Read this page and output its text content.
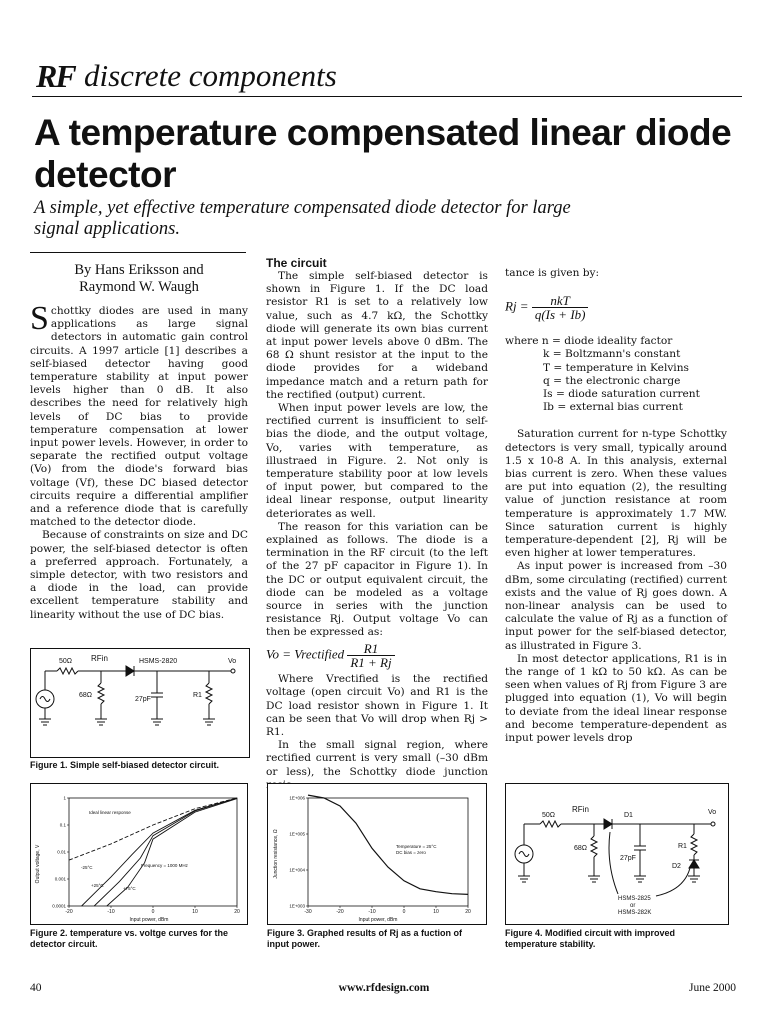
RF discrete components
A temperature compensated linear diode detector
A simple, yet effective temperature compensated diode detector for large signal applications.
By Hans Eriksson and
Raymond W. Waugh

Schottky diodes are used in many applications as large signal detectors in automatic gain control circuits. A 1997 article [1] describes a self-biased detector having good temperature stability at input power levels higher than 0 dB. It also describes the need for relatively high levels of DC bias to provide temperature compensation at lower input power levels. However, in order to separate the rectified output voltage (Vo) from the diode's forward bias voltage (Vf), these DC biased detector circuits require a differential amplifier and a reference diode that is carefully matched to the detector diode.

Because of constraints on size and DC power, the self-biased detector is often a preferred approach. Fortunately, a simple detector, with two resistors and a diode in the load, can provide excellent temperature stability and linearity without the use of DC bias.

The circuit

The simple self-biased detector is shown in Figure 1. If the DC load resistor R1 is set to a relatively low value, such as 4.7 kΩ, the Schottky diode will generate its own bias current at input power levels above 0 dBm. The 68 Ω shunt resistor at the input to the diode provides for a wideband impedance match and a return path for the rectified (output) current.

When input power levels are low, the rectified current is insufficient to self-bias the diode, and the output voltage, Vo, varies with temperature, as illustraed in Figure. 2. Not only is temperature stability poor at low levels of input power, but compared to the ideal linear response, output linearity deteriorates as well.

The reason for this variation can be explained as follows. The diode is a termination in the RF circuit (to the left of the 27 pF capacitor in Figure 1). In the DC or output equivalent circuit, the diode can be modeled as a voltage source in series with the junction resistance Rj. Output voltage Vo can then be expressed as:

Vo = Vrectified $\frac{R1}{R1 + Rj}$

Where Vrectified is the rectified voltage (open circuit Vo) and R1 is the DC load resistor shown in Figure 1. It can be seen that Vo will drop when Rj > R1.

In the small signal region, where rectified current is very small (–30 dBm or less), the Schottky diode junction

tance is given by:

$Rj = \frac{\text{nkT}}{q(Is + Ib)}$
where n = diode ideality factor
k = Boltzmann's constant
T = temperature in Kelvins
q = the electronic charge
Is = diode saturation current
Ib = external bias current

Saturation current for n-type Schottky detectors is very small, typically around 1.5 x 10-8 A. In this analysis, external bias current is zero. When these values are put into equation (2), the resulting value of junction resistance at room temperature is approximately 1.7 MW. Since saturation current is highly temperature-dependent [2], Rj will be even higher at lower temperatures.

As input power is increased from –30 dBm, some circulating (rectified) current exists and the value of Rj goes down. A non-linear analysis can be used to calculate the value of Rj as a function of input power for the self-biased detector, as illustrated in Figure 3.

In most detector applications, R1 is in the range of 1 kΩ to 50 kΩ. As can be seen when values of Rj from Figure 3 are plugged into equation (1), Vo will begin to deviate from the ideal linear response and become temperature-dependent as input power levels drop

RFin
50Ω	HSMS-2820
68Ω
27pF
R1
Vo
Figure 1. Simple self-biased detector circuit.
Output voltage, V
Input power, dBm
Ideal linear response
Frequency = 1000 MHz
-25°C
+25°C
+75°C
-20	-10	0	10	20
1
0.1
0.01
0.001
0.0001
Figure 2. temperature vs. voltge curves for the detector circuit.
Junction resistance, Ω
Input power, dBm
Temperature = 25°C
DC bias = zero
-30	-20	-10	0	10	20
1E+006
1E+005
1E+004
1E+003
Figure 3. Graphed results of Rj as a fuction of input power.
RFin
50Ω	D1
68Ω
27pF
R1
D2
Vo
HSMS-2825
or
HSMS-282K
Figure 4. Modified circuit with improved temperature stability.
40	www.rfdesign.com	June 2000
